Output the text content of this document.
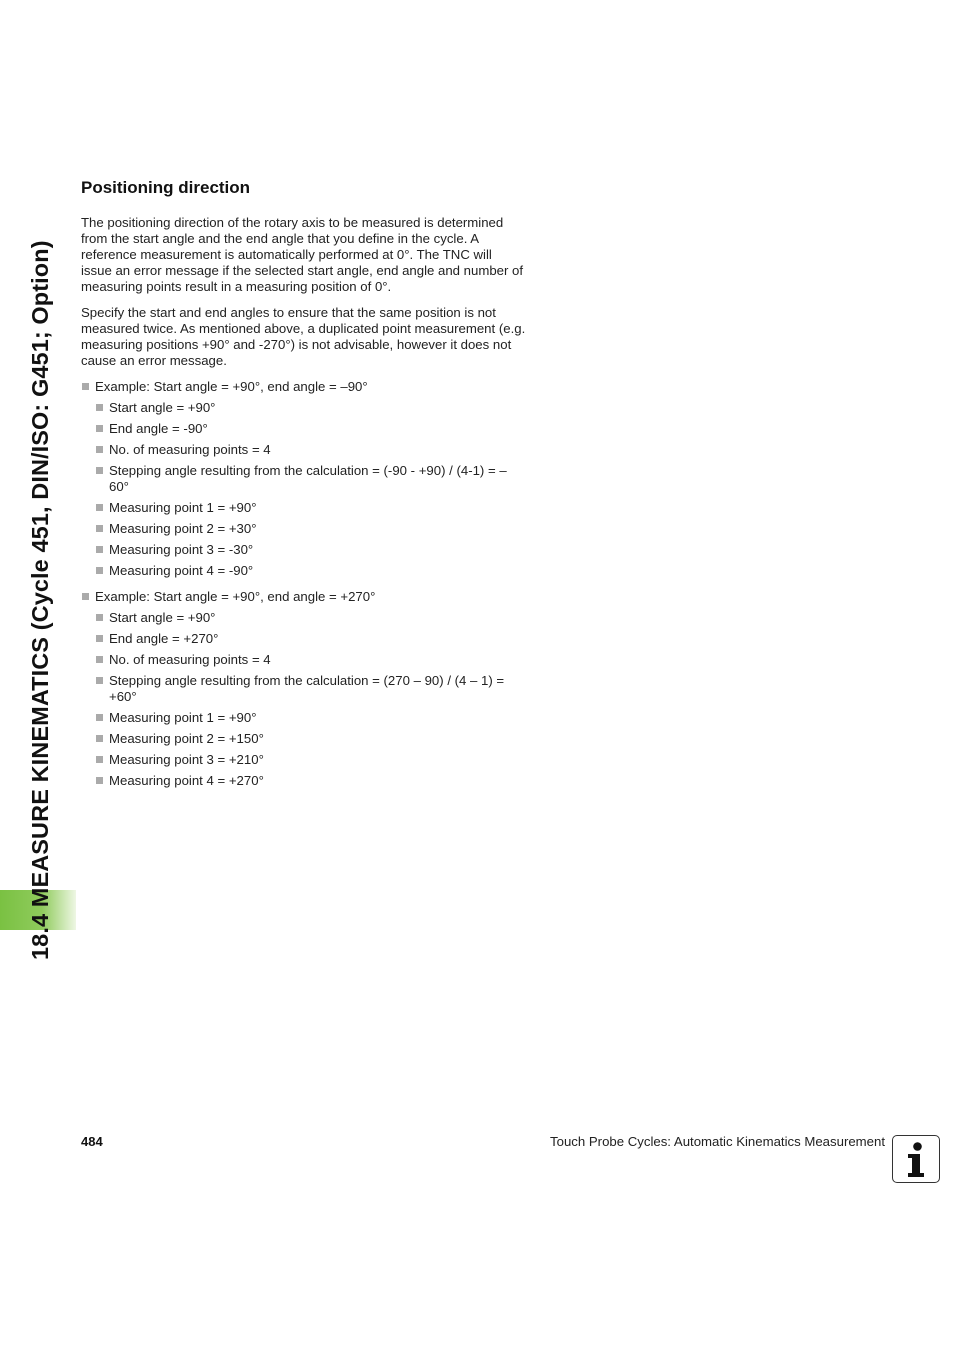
18.4 MEASURE KINEMATICS (Cycle 451, DIN/ISO: G451; Option)
Positioning direction

The positioning direction of the rotary axis to be measured is determined from the start angle and the end angle that you define in the cycle. A reference measurement is automatically performed at 0°. The TNC will issue an error message if the selected start angle, end angle and number of measuring points result in a measuring position of 0°.

Specify the start and end angles to ensure that the same position is not measured twice. As mentioned above, a duplicated point measurement (e.g. measuring positions +90° and -270°) is not advisable, however it does not cause an error message.

Example: Start angle = +90°, end angle = –90°
Start angle = +90°
End angle = -90°
No. of measuring points = 4
Stepping angle resulting from the calculation = (-90 - +90) / (4-1) = –60°
Measuring point 1 = +90°
Measuring point 2 = +30°
Measuring point 3 = -30°
Measuring point 4 = -90°
Example: Start angle = +90°, end angle = +270°
Start angle = +90°
End angle = +270°
No. of measuring points = 4
Stepping angle resulting from the calculation = (270 – 90) / (4 – 1) = +60°
Measuring point 1 = +90°
Measuring point 2 = +150°
Measuring point 3 = +210°
Measuring point 4 = +270°
484	Touch Probe Cycles: Automatic Kinematics Measurement
